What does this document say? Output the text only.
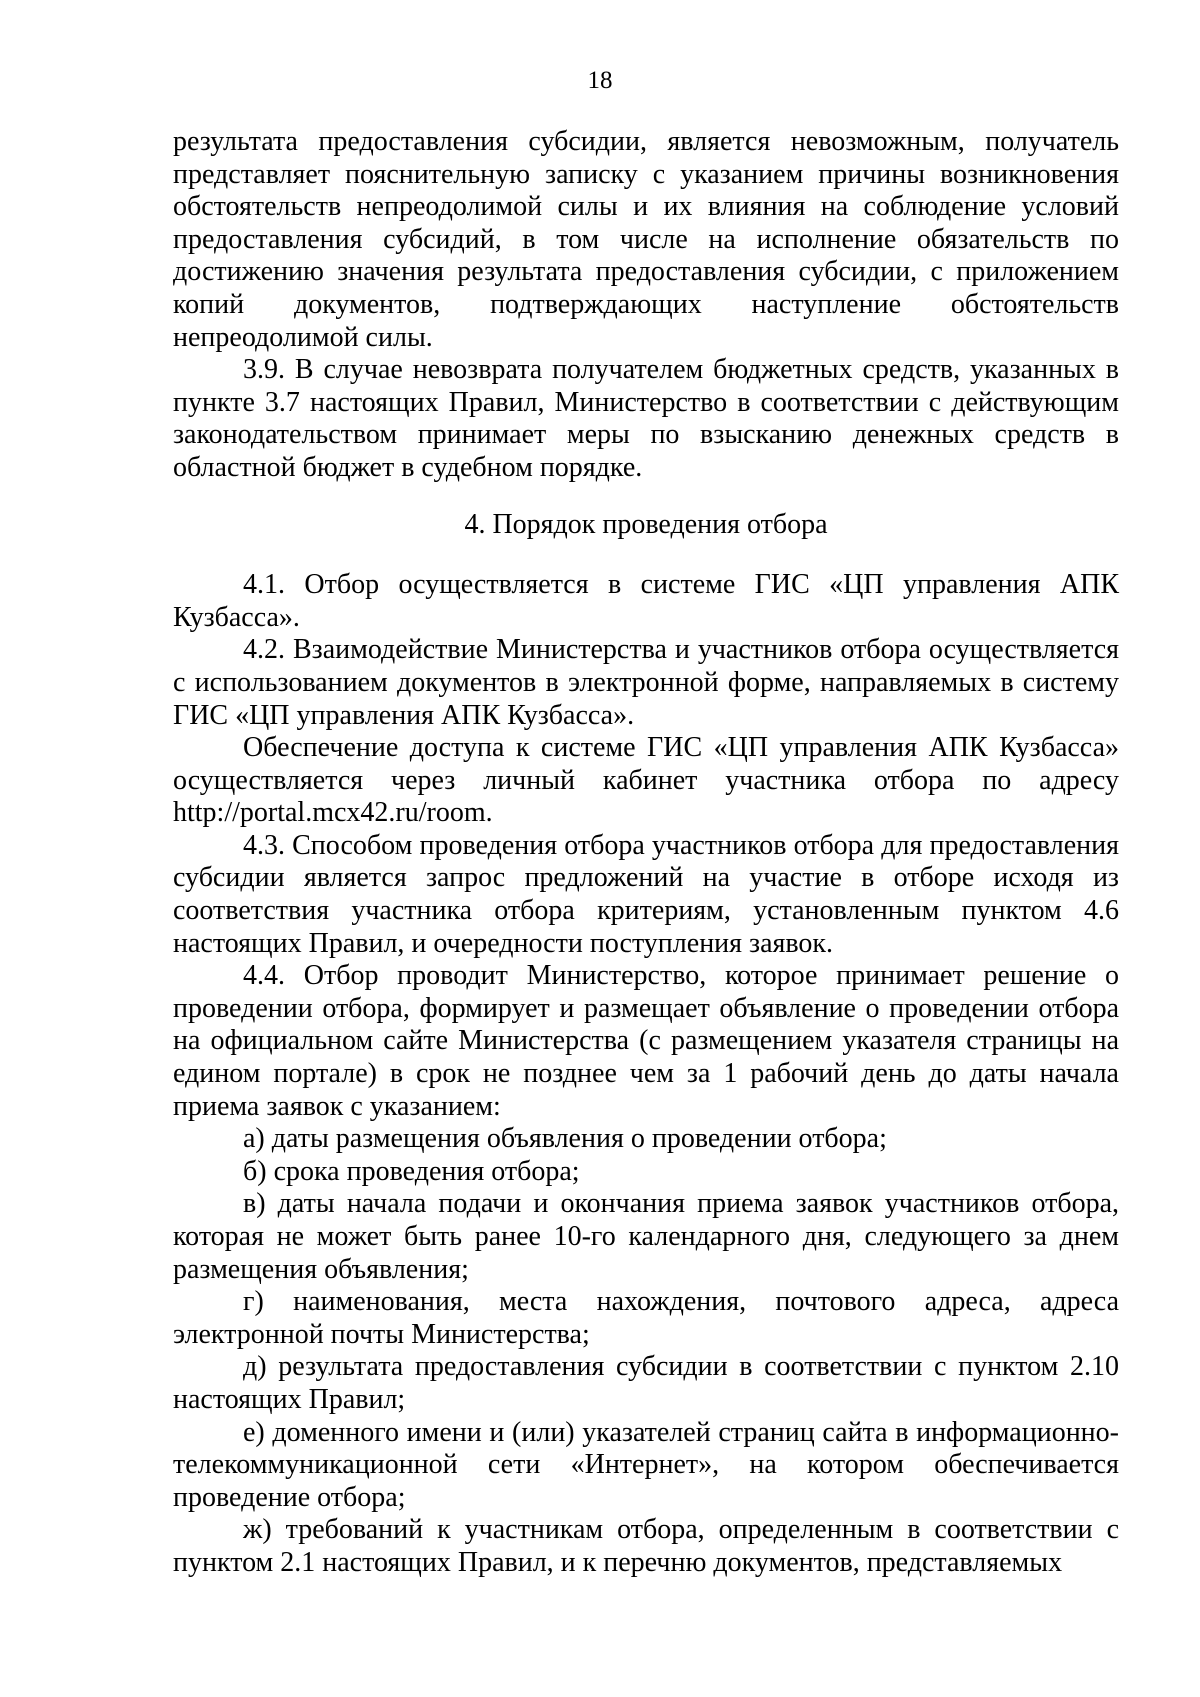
18

результата предоставления субсидии, является невозможным, получатель представляет пояснительную записку с указанием причины возникновения обстоятельств непреодолимой силы и их влияния на соблюдение условий предоставления субсидий, в том числе на исполнение обязательств по достижению значения результата предоставления субсидии, с приложением копий документов, подтверждающих наступление обстоятельств непреодолимой силы.

3.9. В случае невозврата получателем бюджетных средств, указанных в пункте 3.7 настоящих Правил, Министерство в соответствии с действующим законодательством принимает меры по взысканию денежных средств в областной бюджет в судебном порядке.

4. Порядок проведения отбора

4.1. Отбор осуществляется в системе ГИС «ЦП управления АПК Кузбасса».

4.2. Взаимодействие Министерства и участников отбора осуществляется с использованием документов в электронной форме, направляемых в систему ГИС «ЦП управления АПК Кузбасса».

Обеспечение доступа к системе ГИС «ЦП управления АПК Кузбасса» осуществляется через личный кабинет участника отбора по адресу http://portal.mcx42.ru/room.

4.3. Способом проведения отбора участников отбора для предоставления субсидии является запрос предложений на участие в отборе исходя из соответствия участника отбора критериям, установленным пунктом 4.6 настоящих Правил, и очередности поступления заявок.

4.4. Отбор проводит Министерство, которое принимает решение о проведении отбора, формирует и размещает объявление о проведении отбора на официальном сайте Министерства (с размещением указателя страницы на едином портале) в срок не позднее чем за 1 рабочий день до даты начала приема заявок с указанием:

а) даты размещения объявления о проведении отбора;

б) срока проведения отбора;

в) даты начала подачи и окончания приема заявок участников отбора, которая не может быть ранее 10-го календарного дня, следующего за днем размещения объявления;

г) наименования, места нахождения, почтового адреса, адреса электронной почты Министерства;

д) результата предоставления субсидии в соответствии с пунктом 2.10 настоящих Правил;

е) доменного имени и (или) указателей страниц сайта в информационно-телекоммуникационной сети «Интернет», на котором обеспечивается проведение отбора;

ж) требований к участникам отбора, определенным в соответствии с пунктом 2.1 настоящих Правил, и к перечню документов, представляемых
